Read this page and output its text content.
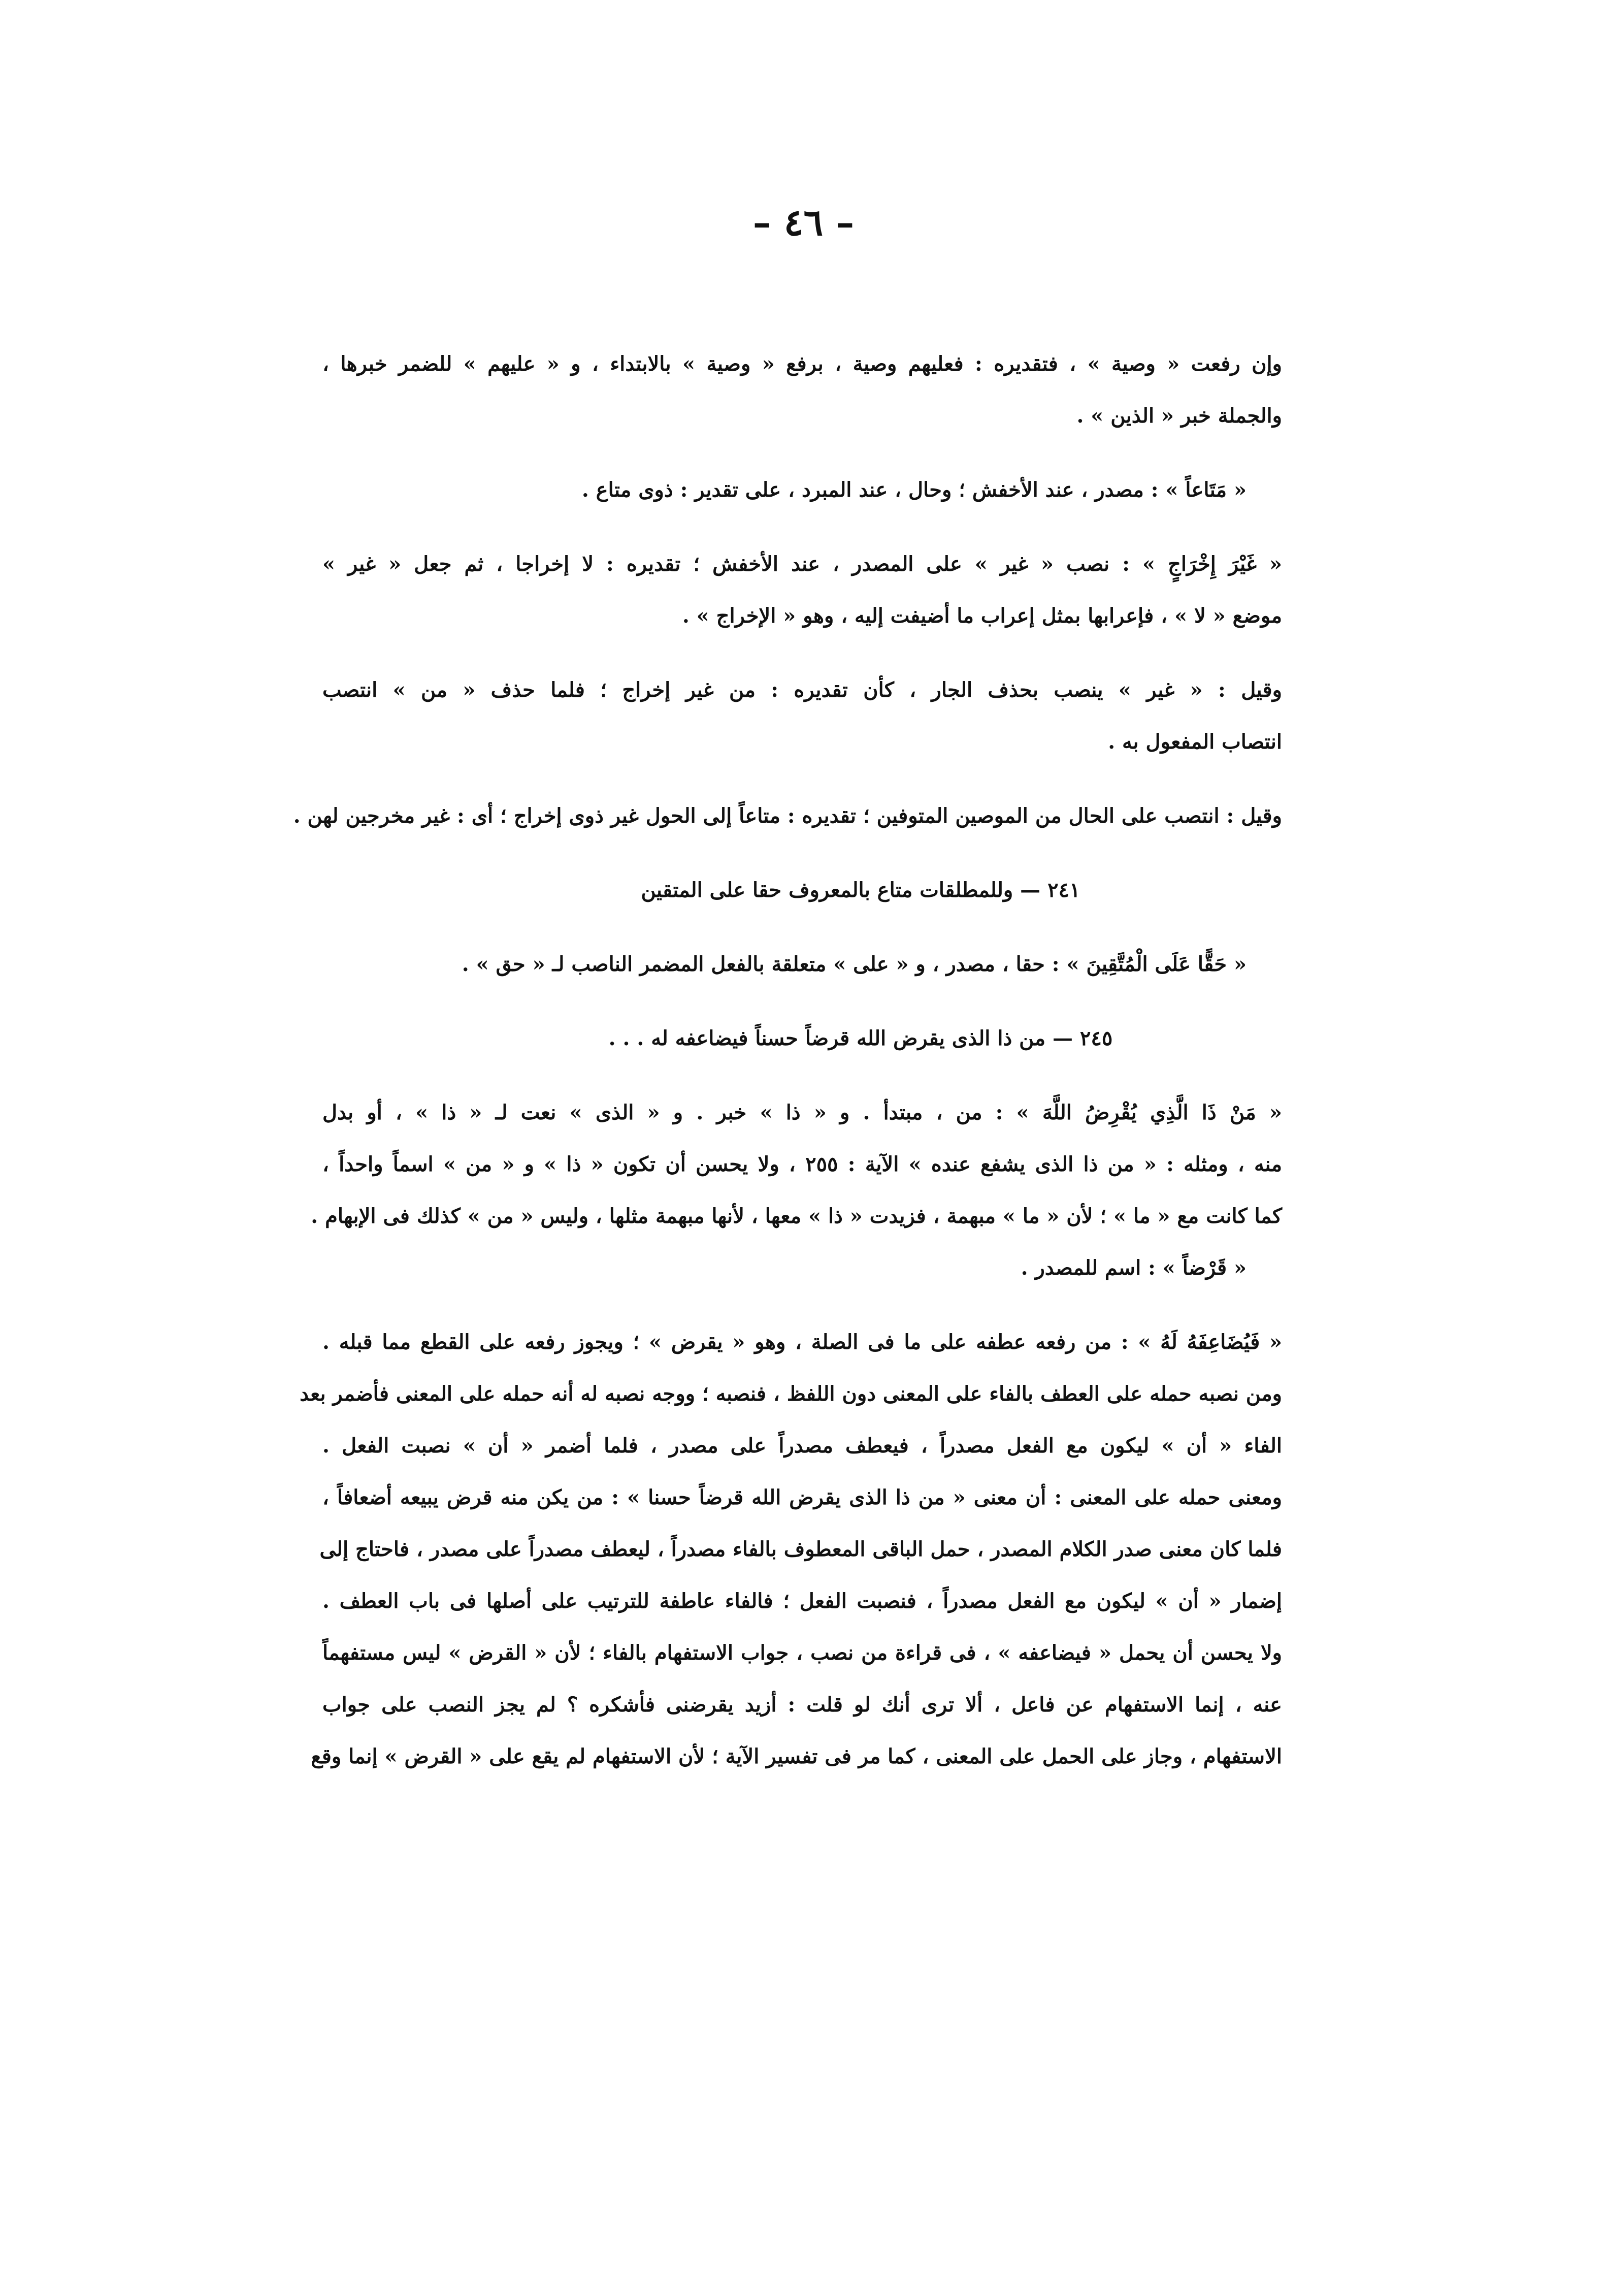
– ٤٦ –
وإن رفعت « وصية » ، فتقديره : فعليهم وصية ، برفع « وصية » بالابتداء ، و « عليهم » للضمر خبرها ،
والجملة خبر « الذين » .
« مَتَاعاً » : مصدر ، عند الأخفش ؛ وحال ، عند المبرد ، على تقدير : ذوى متاع .
« غَيْرَ إِخْرَاجٍ » : نصب « غير » على المصدر ، عند الأخفش ؛ تقديره : لا إخراجا ، ثم جعل « غير »
موضع « لا » ، فإعرابها بمثل إعراب ما أضيفت إليه ، وهو « الإخراج » .
وقيل : « غير » ينصب بحذف الجار ، كأن تقديره : من غير إخراج ؛ فلما حذف « من » انتصب
انتصاب المفعول به .
وقيل : انتصب على الحال من الموصين المتوفين ؛ تقديره : متاعاً إلى الحول غير ذوى إخراج ؛ أى : غير مخرجين لهن .
٢٤١ — وللمطلقات متاع بالمعروف حقا على المتقين
« حَقًّا عَلَى الْمُتَّقِينَ » : حقا ، مصدر ، و « على » متعلقة بالفعل المضمر الناصب لـ « حق » .
٢٤٥ — من ذا الذى يقرض الله قرضاً حسناً فيضاعفه له . . .
« مَنْ ذَا الَّذِي يُقْرِضُ اللَّهَ » : من ، مبتدأ . و « ذا » خبر . و « الذى » نعت لـ « ذا » ، أو بدل
منه ، ومثله : « من ذا الذى يشفع عنده » الآية : ٢٥٥ ، ولا يحسن أن تكون « ذا » و « من » اسماً واحداً ،
كما كانت مع « ما » ؛ لأن « ما » مبهمة ، فزيدت « ذا » معها ، لأنها مبهمة مثلها ، وليس « من » كذلك فى الإبهام .
« قَرْضاً » : اسم للمصدر .
« فَيُضَاعِفَهُ لَهُ » : من رفعه عطفه على ما فى الصلة ، وهو « يقرض » ؛ ويجوز رفعه على القطع مما قبله .
ومن نصبه حمله على العطف بالفاء على المعنى دون اللفظ ، فنصبه ؛ ووجه نصبه له أنه حمله على المعنى فأضمر بعد
الفاء « أن » ليكون مع الفعل مصدراً ، فيعطف مصدراً على مصدر ، فلما أضمر « أن » نصبت الفعل .
ومعنى حمله على المعنى : أن معنى « من ذا الذى يقرض الله قرضاً حسنا » : من يكن منه قرض يبيعه أضعافاً ،
فلما كان معنى صدر الكلام المصدر ، حمل الباقى المعطوف بالفاء مصدراً ، ليعطف مصدراً على مصدر ، فاحتاج إلى
إضمار « أن » ليكون مع الفعل مصدراً ، فنصبت الفعل ؛ فالفاء عاطفة للترتيب على أصلها فى باب العطف .
ولا يحسن أن يحمل « فيضاعفه » ، فى قراءة من نصب ، جواب الاستفهام بالفاء ؛ لأن « القرض » ليس مستفهماً
عنه ، إنما الاستفهام عن فاعل ، ألا ترى أنك لو قلت : أزيد يقرضنى فأشكره ؟ لم يجز النصب على جواب
الاستفهام ، وجاز على الحمل على المعنى ، كما مر فى تفسير الآية ؛ لأن الاستفهام لم يقع على « القرض » إنما وقع
